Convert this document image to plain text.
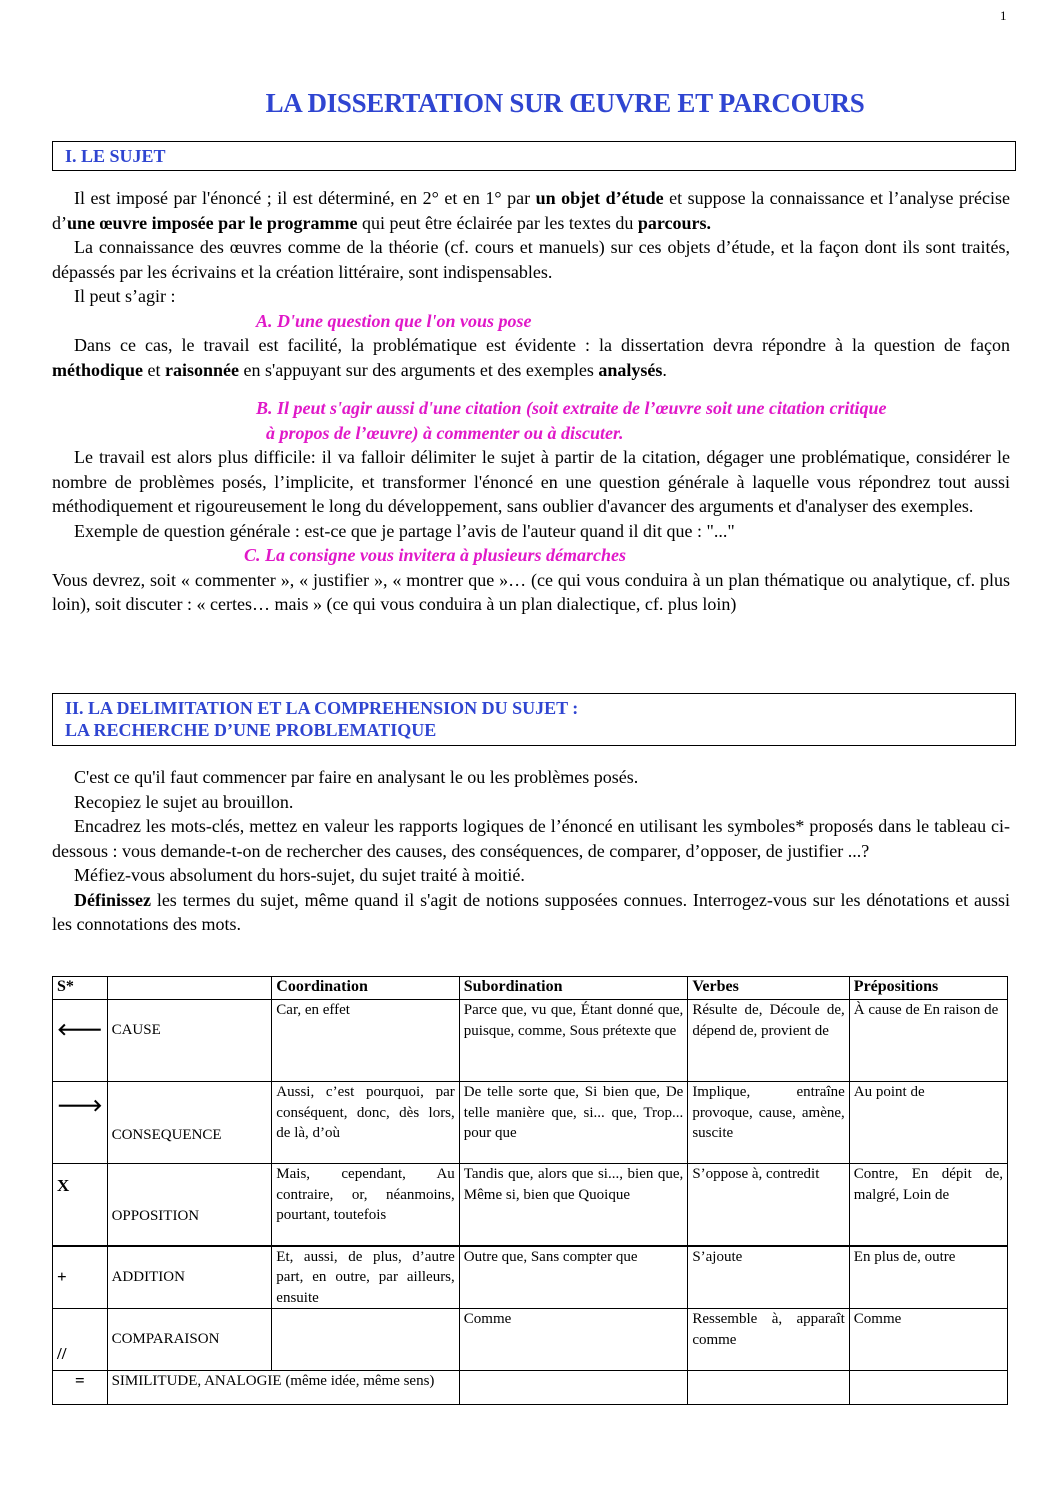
1
LA DISSERTATION SUR ŒUVRE ET PARCOURS
I. LE SUJET

Il est imposé par l'énoncé ; il est déterminé, en 2° et en 1° par un objet d’étude et suppose la connaissance et l’analyse précise d’une œuvre imposée par le programme qui peut être éclairée par les textes du parcours.

La connaissance des œuvres comme de la théorie (cf. cours et manuels) sur ces objets d’étude, et la façon dont ils sont traités, dépassés par les écrivains et la création littéraire, sont indispensables.

Il peut s’agir :

A. D'une question que l'on vous pose

Dans ce cas, le travail est facilité, la problématique est évidente : la dissertation devra répondre à la question de façon méthodique et raisonnée en s'appuyant sur des arguments et des exemples analysés.

B. Il peut s'agir aussi d'une citation (soit extraite de l’œuvre soit une citation critique
à propos de l’œuvre) à commenter ou à discuter.

Le travail est alors plus difficile: il va falloir délimiter le sujet à partir de la citation, dégager une problématique, considérer le nombre de problèmes posés, l’implicite, et transformer l'énoncé en une question générale à laquelle vous répondrez tout aussi méthodiquement et rigoureusement le long du développement, sans oublier d'avancer des arguments et d'analyser des exemples.

Exemple de question générale : est-ce que je partage l’avis de l'auteur quand il dit que : "..."

C. La consigne vous invitera à plusieurs démarches

Vous devrez, soit « commenter », « justifier », « montrer que »… (ce qui vous conduira à un plan thématique ou analytique, cf. plus loin), soit discuter : « certes… mais » (ce qui vous conduira à un plan dialectique, cf. plus loin)

II. LA DELIMITATION ET LA COMPREHENSION DU SUJET :
LA RECHERCHE D’UNE PROBLEMATIQUE

C'est ce qu'il faut commencer par faire en analysant le ou les problèmes posés.

Recopiez le sujet au brouillon.

Encadrez les mots-clés, mettez en valeur les rapports logiques de l’énoncé en utilisant les symboles* proposés dans le tableau ci-dessous : vous demande-t-on de rechercher des causes, des conséquences, de comparer, d’opposer, de justifier ...?

Méfiez-vous absolument du hors-sujet, du sujet traité à moitié.

Définissez les termes du sujet, même quand il s'agit de notions supposées connues. Interrogez-vous sur les dénotations et aussi les connotations des mots.

S*		Coordination	Subordination	Verbes	Prépositions
🡐	CAUSE	Car, en effet	Parce que, vu que, Étant donné que, puisque, comme, Sous prétexte que	Résulte de, Découle de, dépend de, provient de	À cause de En raison de
🡒	CONSEQUENCE	Aussi, c’est pourquoi, par conséquent, donc, dès lors, de là, d’où	De telle sorte que, Si bien que, De telle manière que, si... que, Trop... pour que	Implique, entraîne provoque, cause, amène, suscite	Au point de
X	OPPOSITION	Mais, cependant, Au contraire, or, néanmoins, pourtant, toutefois	Tandis que, alors que si..., bien que, Même si, bien que Quoique	S’oppose à, contredit	Contre, En dépit de, malgré, Loin de
+	ADDITION	Et, aussi, de plus, d’autre part, en outre, par ailleurs, ensuite	Outre que, Sans compter que	S’ajoute	En plus de, outre
//	COMPARAISON		Comme	Ressemble à, apparaît comme	Comme
=	SIMILITUDE, ANALOGIE (même idée, même sens)				
